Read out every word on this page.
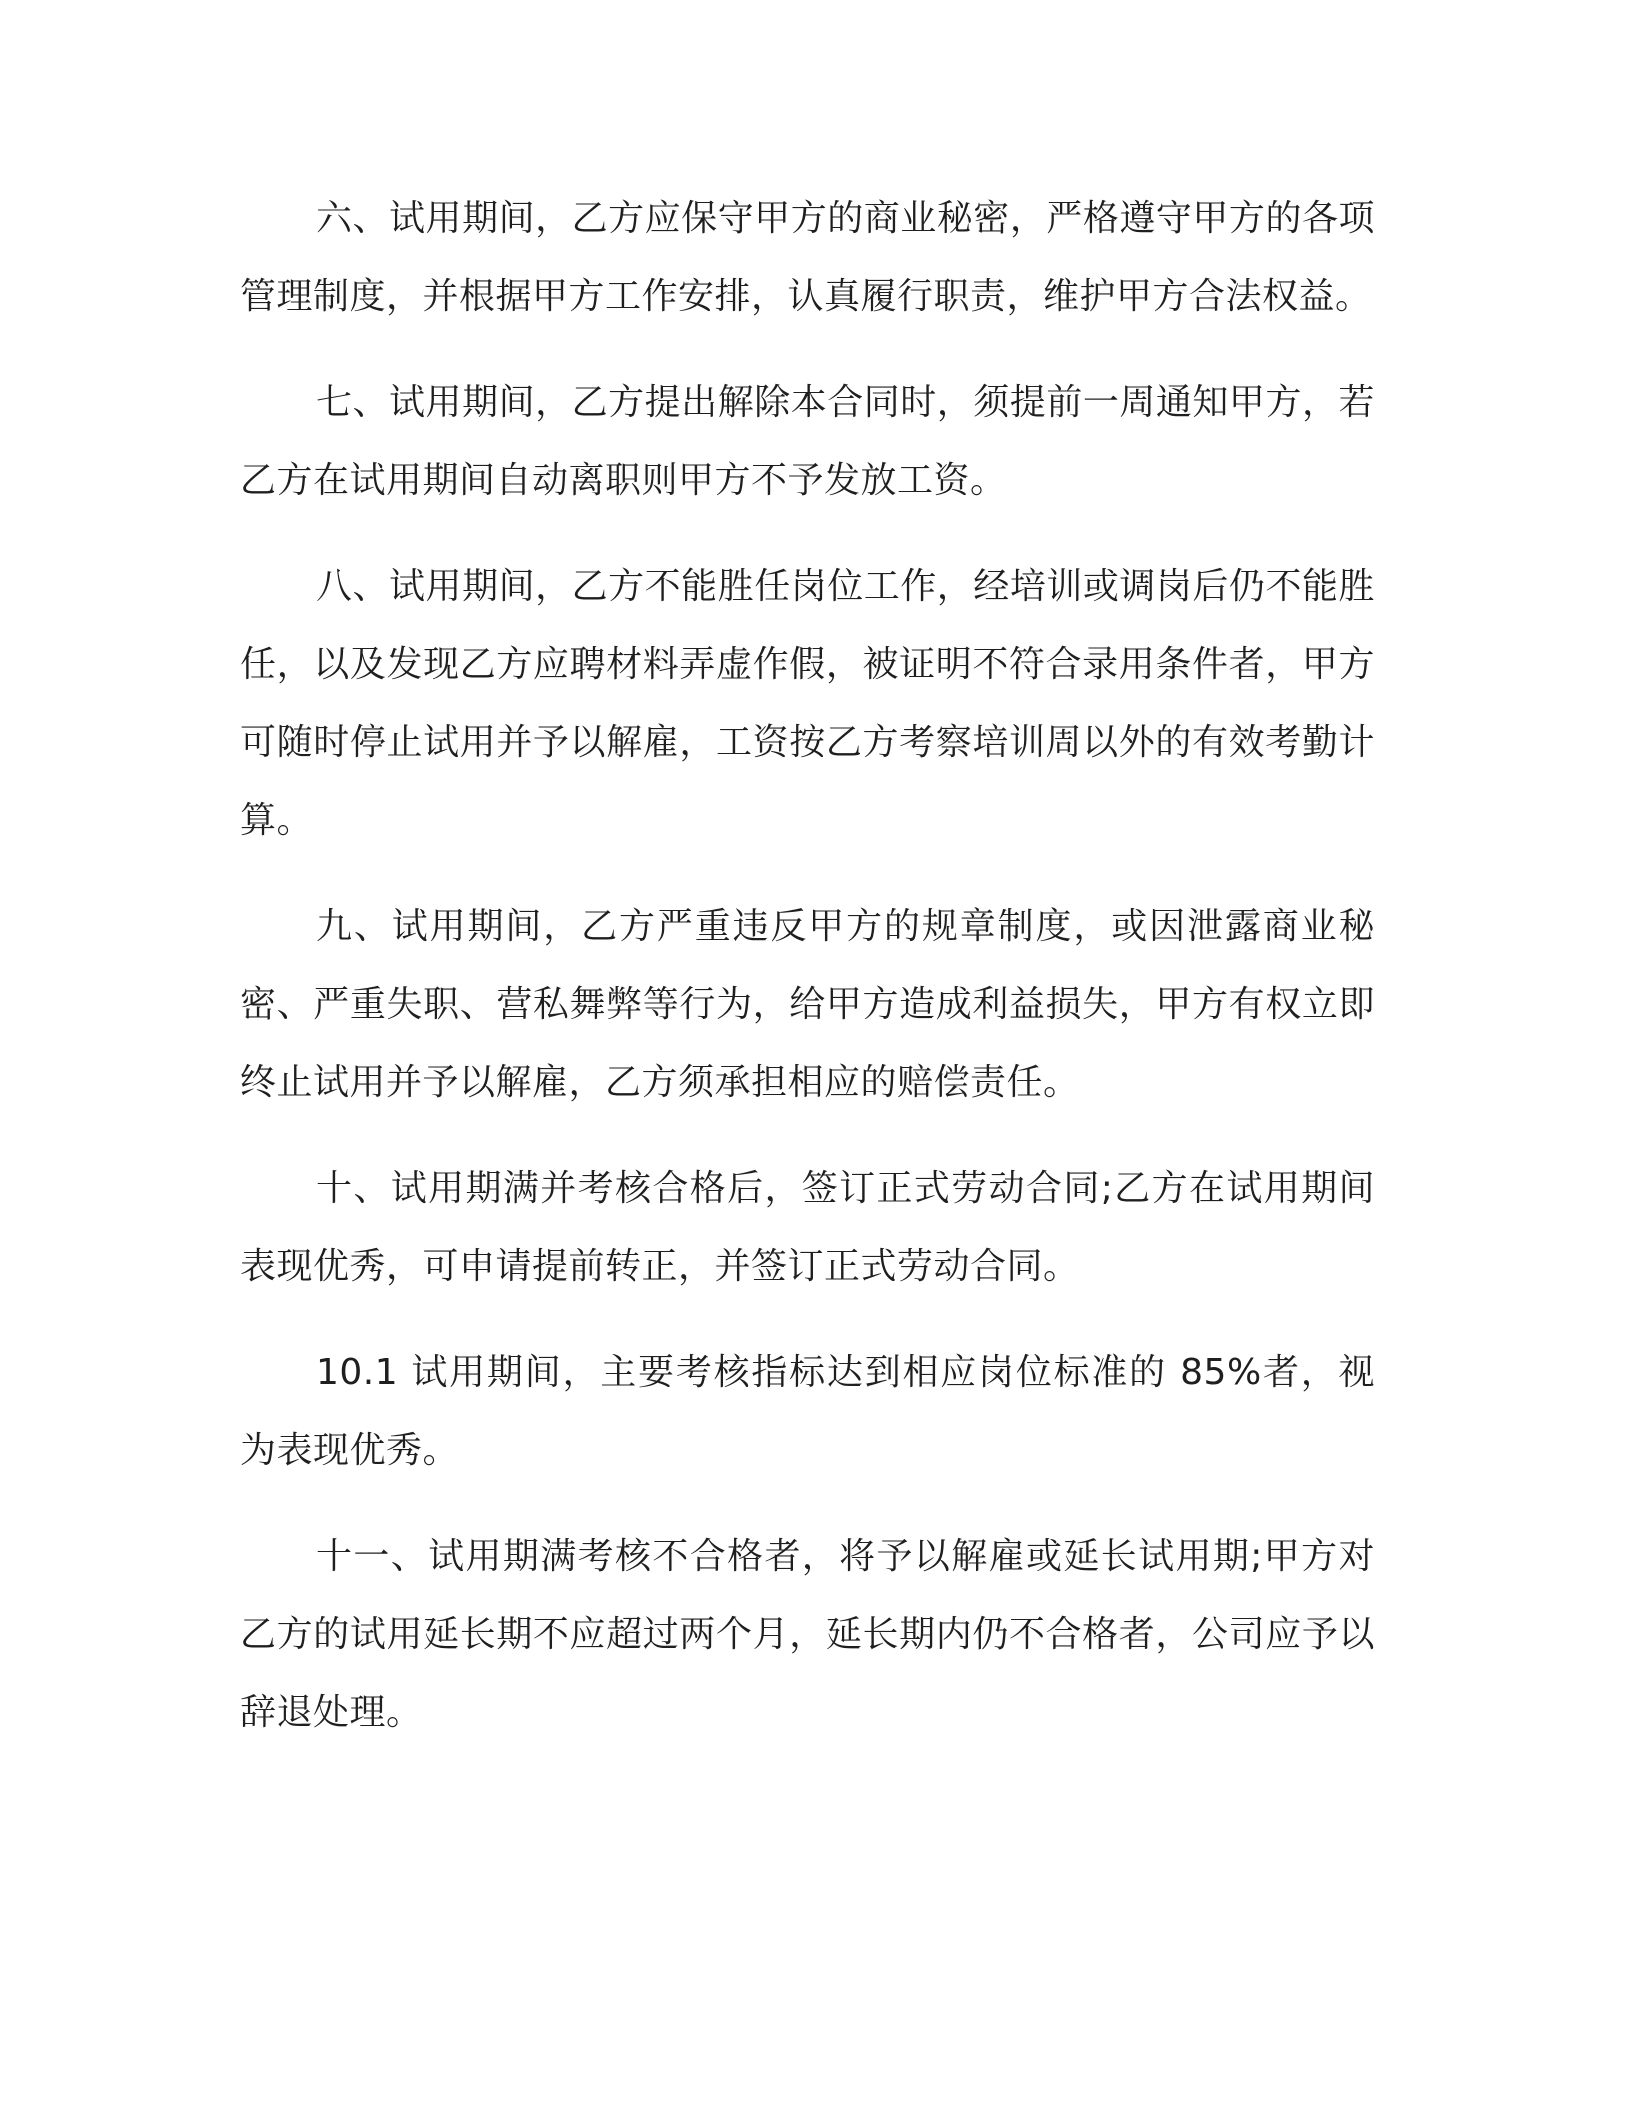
六、试用期间，乙方应保守甲方的商业秘密，严格遵守甲方的各项管理制度，并根据甲方工作安排，认真履行职责，维护甲方合法权益。

七、试用期间，乙方提出解除本合同时，须提前一周通知甲方，若乙方在试用期间自动离职则甲方不予发放工资。

八、试用期间，乙方不能胜任岗位工作，经培训或调岗后仍不能胜任，以及发现乙方应聘材料弄虚作假，被证明不符合录用条件者，甲方可随时停止试用并予以解雇，工资按乙方考察培训周以外的有效考勤计算。

九、试用期间，乙方严重违反甲方的规章制度，或因泄露商业秘密、严重失职、营私舞弊等行为，给甲方造成利益损失，甲方有权立即终止试用并予以解雇，乙方须承担相应的赔偿责任。

十、试用期满并考核合格后，签订正式劳动合同;乙方在试用期间表现优秀，可申请提前转正，并签订正式劳动合同。

10.1 试用期间，主要考核指标达到相应岗位标准的 85%者，视为表现优秀。

十一、试用期满考核不合格者，将予以解雇或延长试用期;甲方对乙方的试用延长期不应超过两个月，延长期内仍不合格者，公司应予以辞退处理。
